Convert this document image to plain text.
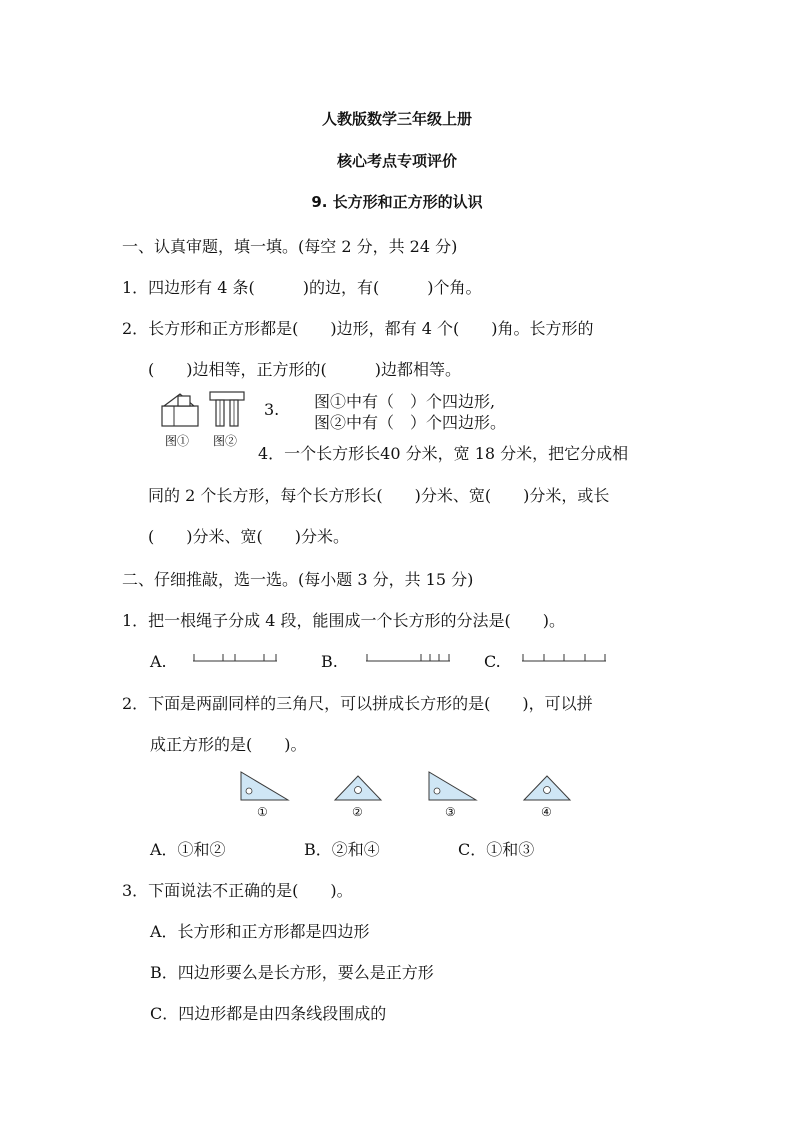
人教版数学三年级上册
核心考点专项评价
9. 长方形和正方形的认识
一、认真审题，填一填。(每空 2 分，共 24 分)
1．四边形有 4 条(　　　)的边，有(　　　)个角。
2．长方形和正方形都是(　　)边形，都有 4 个(　　)角。长方形的
(　　)边相等，正方形的(　　　)边都相等。
图① 图②
3. 图①中有（　）个四边形,
图②中有（　）个四边形。
4．一个长方形长40 分米，宽 18 分米，把它分成相
同的 2 个长方形，每个长方形长(　　)分米、宽(　　)分米，或长
(　　)分米、宽(　　)分米。
二、仔细推敲，选一选。(每小题 3 分，共 15 分)
1．把一根绳子分成 4 段，能围成一个长方形的分法是(　　)。
A.	B.	C.
2．下面是两副同样的三角尺，可以拼成长方形的是(　　)，可以拼
成正方形的是(　　)。
①	②	③	④
A．①和②	B．②和④	C．①和③
3．下面说法不正确的是(　　)。
A．长方形和正方形都是四边形
B．四边形要么是长方形，要么是正方形
C．四边形都是由四条线段围成的
